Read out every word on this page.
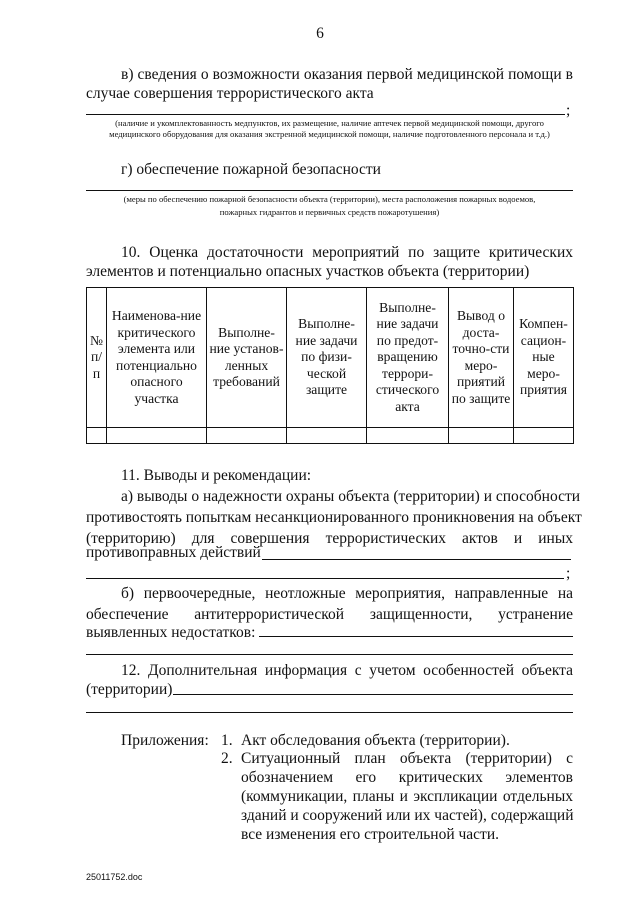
6
в) сведения о возможности оказания первой медицинской помощи в
случае совершения террористического акта
;
(наличие и укомплектованность медпунктов, их размещение, наличие аптечек первой медицинской помощи, другого
медицинского оборудования для оказания экстренной медицинской помощи, наличие подготовленного персонала и т.д.)
г) обеспечение пожарной безопасности
(меры по обеспечению пожарной безопасности объекта (территории), места расположения пожарных водоемов,
пожарных гидрантов и первичных средств пожаротушения)
10. Оценка достаточности мероприятий по защите критических
элементов и потенциально опасных участков объекта (территории)
№ п/п	Наименова-ние критического элемента или потенциально опасного участка	Выполне-ние установ-ленных требований	Выполне-ние задачи по физи-ческой защите	Выполне-ние задачи по предот-вращению террори-стического акта	Вывод о доста-точно-сти меро-приятий по защите	Компен-сацион-ные меро-приятия

11. Выводы и рекомендации:
а) выводы о надежности охраны объекта (территории) и способности
противостоять попыткам несанкционированного проникновения на объект
(территорию) для совершения террористических актов и иных
противоправных действий
;
б) первоочередные, неотложные мероприятия, направленные на
обеспечение антитеррористической защищенности, устранение
выявленных недостатков:
12. Дополнительная информация с учетом особенностей объекта
(территории)
Приложения: 1. Акт обследования объекта (территории).
2. Ситуационный план объекта (территории) с
обозначением его критических элементов
(коммуникации, планы и экспликации отдельных
зданий и сооружений или их частей), содержащий
все изменения его строительной части.
25011752.doc
